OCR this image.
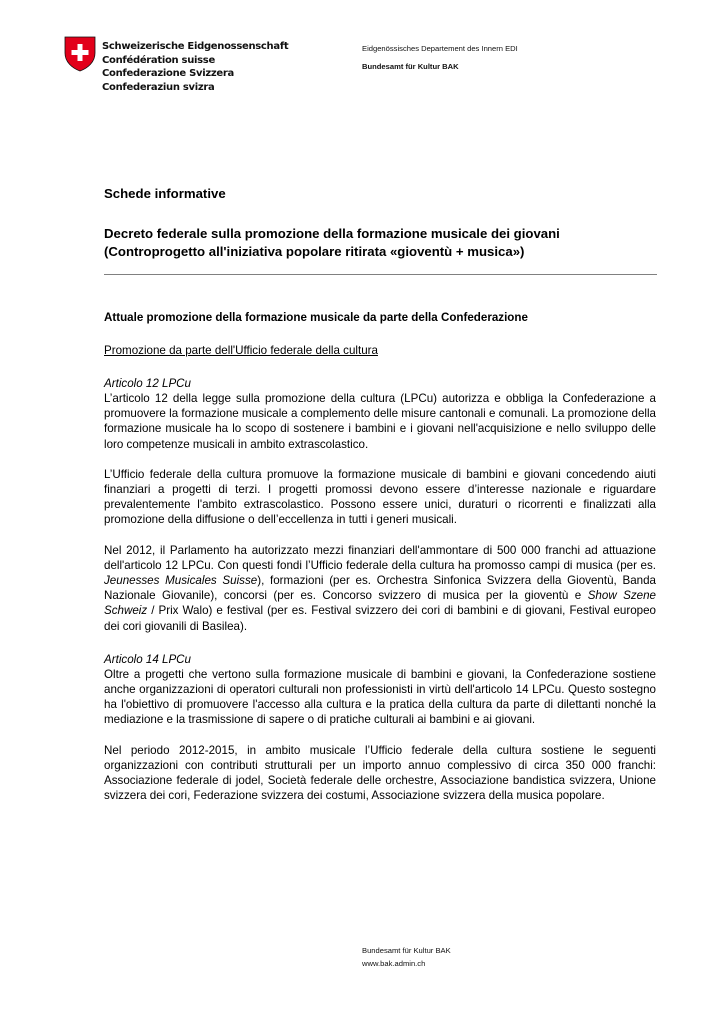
Schweizerische Eidgenossenschaft
Confédération suisse
Confederazione Svizzera
Confederaziun svizra
Eidgenössisches Departement des Innern EDI
Bundesamt für Kultur BAK

Schede informative

Decreto federale sulla promozione della formazione musicale dei giovani
(Controprogetto all'iniziativa popolare ritirata «gioventù + musica»)

Attuale promozione della formazione musicale da parte della Confederazione

Promozione da parte dell'Ufficio federale della cultura

Articolo 12 LPCu

L’articolo 12 della legge sulla promozione della cultura (LPCu) autorizza e obbliga la Confederazione a promuovere la formazione musicale a complemento delle misure cantonali e comunali. La promozione della formazione musicale ha lo scopo di sostenere i bambini e i giovani nell'acquisizione e nello sviluppo delle loro competenze musicali in ambito extrascolastico.

L’Ufficio federale della cultura promuove la formazione musicale di bambini e giovani concedendo aiuti finanziari a progetti di terzi. I progetti promossi devono essere d’interesse nazionale e riguardare prevalentemente l'ambito extrascolastico. Possono essere unici, duraturi o ricorrenti e finalizzati alla promozione della diffusione o dell’eccellenza in tutti i generi musicali.

Nel 2012, il Parlamento ha autorizzato mezzi finanziari dell'ammontare di 500 000 franchi ad attuazione dell'articolo 12 LPCu. Con questi fondi l’Ufficio federale della cultura ha promosso campi di musica (per es. Jeunesses Musicales Suisse), formazioni (per es. Orchestra Sinfonica Svizzera della Gioventù, Banda Nazionale Giovanile), concorsi (per es. Concorso svizzero di musica per la gioventù e Show Szene Schweiz / Prix Walo) e festival (per es. Festival svizzero dei cori di bambini e di giovani, Festival europeo dei cori giovanili di Basilea).

Articolo 14 LPCu

Oltre a progetti che vertono sulla formazione musicale di bambini e giovani, la Confederazione sostiene anche organizzazioni di operatori culturali non professionisti in virtù dell'articolo 14 LPCu. Questo sostegno ha l'obiettivo di promuovere l'accesso alla cultura e la pratica della cultura da parte di dilettanti nonché la mediazione e la trasmissione di sapere o di pratiche culturali ai bambini e ai giovani.

Nel periodo 2012-2015, in ambito musicale l’Ufficio federale della cultura sostiene le seguenti organizzazioni con contributi strutturali per un importo annuo complessivo di circa 350 000 franchi: Associazione federale di jodel, Società federale delle orchestre, Associazione bandistica svizzera, Unione svizzera dei cori, Federazione svizzera dei costumi, Associazione svizzera della musica popolare.

Bundesamt für Kultur BAK
www.bak.admin.ch
